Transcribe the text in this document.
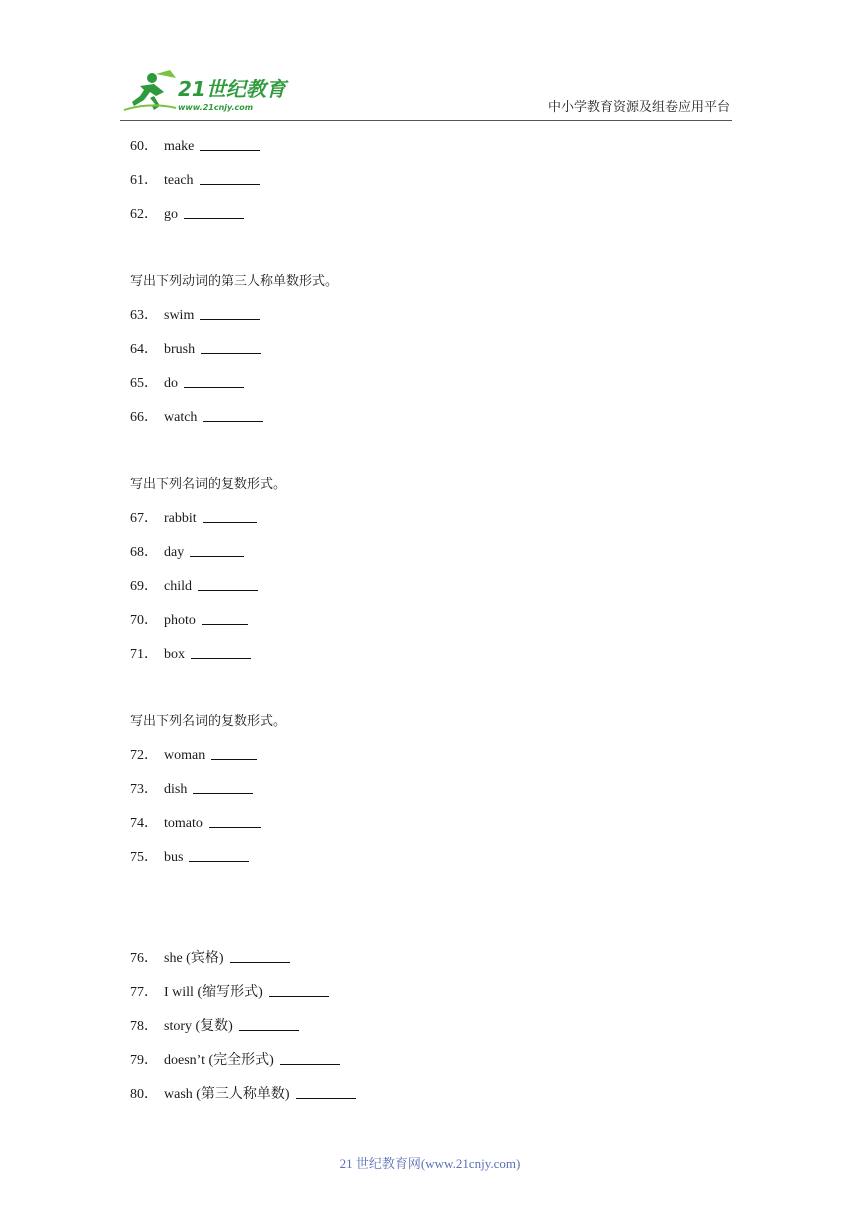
21世纪教育
www.21cnjy.com	中小学教育资源及组卷应用平台
60． make
61． teach
62． go
写出下列动词的第三人称单数形式。
63． swim
64． brush
65． do
66． watch
写出下列名词的复数形式。
67． rabbit
68． day
69． child
70． photo
71． box
写出下列名词的复数形式。
72． woman
73． dish
74． tomato
75． bus
76． she (宾格)
77． I will (缩写形式)
78． story (复数)
79． doesn’t (完全形式)
80． wash (第三人称单数)
21 世纪教育网(www.21cnjy.com)
